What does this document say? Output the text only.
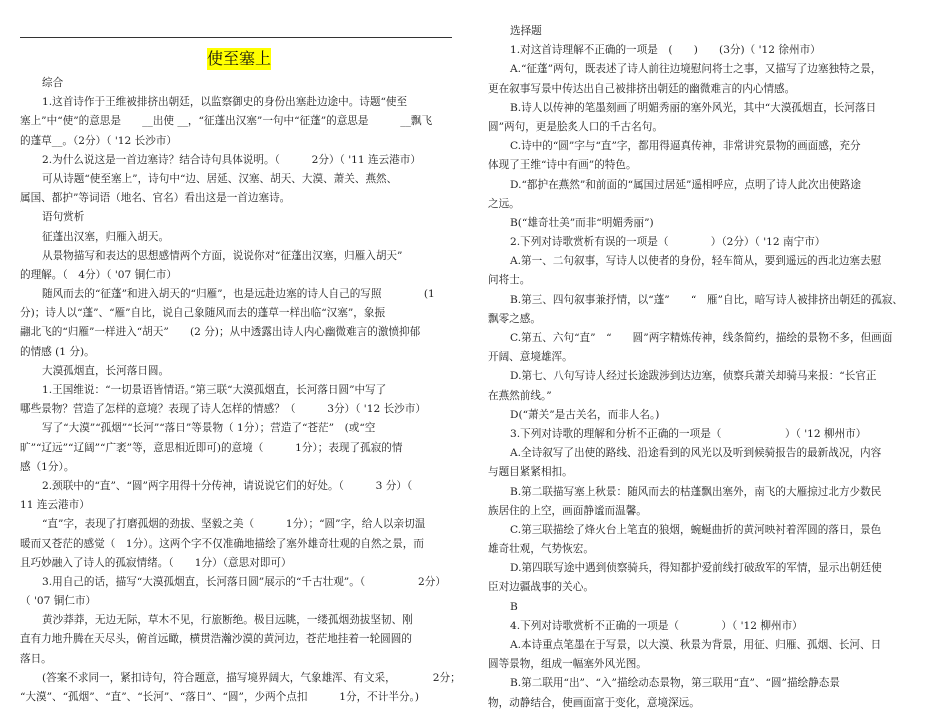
使至塞上
综合
1.这首诗作于王维被排挤出朝廷，以监察御史的身份出塞赴边途中。诗题“使至
塞上”中“使”的意思是　　__出使 __，“征蓬出汉塞”一句中“征蓬”的意思是　　　__飘飞
的蓬草__。（2分）（ '12 长沙市）
2.为什么说这是一首边塞诗？结合诗句具体说明。（　　　2分）（ '11 连云港市）
可从诗题“使至塞上”，诗句中“边、居延、汉塞、胡天、大漠、萧关、燕然、
属国、都护”等词语（地名、官名）看出这是一首边塞诗。
语句赏析
征蓬出汉塞，归雁入胡天。
从景物描写和表达的思想感情两个方面，说说你对“征蓬出汉塞，归雁入胡天”
的理解。（　4分）（ '07 铜仁市）
随风而去的“征蓬”和进入胡天的“归雁”，也是远赴边塞的诗人自己的写照　　　　(1
分)；诗人以“蓬”、“雁”自比，说自己象随风而去的蓬草一样出临“汉塞”，象振
翮北飞的“归雁”一样进入“胡天”　　(2 分)；从中透露出诗人内心幽微难言的激愤抑郁
的情感 (1 分)。
大漠孤烟直，长河落日圆。
1.王国维说：“一切景语皆情语。”第三联“大漠孤烟直，长河落日圆”中写了
哪些景物？营造了怎样的意境？表现了诗人怎样的情感？（　　　3分）（ '12 长沙市）
写了“大漠”“孤烟”“长河”“落日”等景物（ 1分）；营造了“苍茫”　(或“空
旷”“辽远”“辽阔”“广袤”等，意思相近即可)的意境（　　　1分）；表现了孤寂的情
感（1分）。
2.颈联中的“直”、“圆”两字用得十分传神，请说说它们的好处。（　　　3 分）（
11 连云港市）
“直”字，表现了打磨孤烟的劲拔、坚毅之美（　　　1分）；“圆”字，给人以亲切温
暖而又苍茫的感觉（　1分）。这两个字不仅准确地描绘了塞外雄奇壮观的自然之景，而
且巧妙融入了诗人的孤寂情绪。（　　1分）（意思对即可）
3.用自己的话，描写“大漠孤烟直，长河落日圆”展示的“千古壮观”。（　　　　　2分）
（ '07 铜仁市）
黄沙莽莽，无边无际，草木不见，行旅断绝。极目远眺，一缕孤烟劲拔坚韧、刚
直有力地升腾在天尽头，俯首远瞰，横贯浩瀚沙漠的黄河边，苍茫地挂着一轮圆圆的
落日。
(答案不求同一，紧扣诗句，符合题意，描写境界阔大，气象雄浑、有文采，　　　　2分；
“大漠”、“孤烟”、“直”、“长河”、“落日”、“圆”，少两个点扣　　　1分，不计半分。)
选择题
1.对这首诗理解不正确的一项是　(　　)　　(3分)（ '12 徐州市）
A.“征蓬”两句，既表述了诗人前往边境慰问将士之事，又描写了边塞独特之景，
更在叙事写景中传达出自己被排挤出朝廷的幽微难言的内心情感。
B.诗人以传神的笔墨刻画了明媚秀丽的塞外风光，其中“大漠孤烟直，长河落日
圆”两句，更是脍炙人口的千古名句。
C.诗中的“圆”字与“直”字，都用得逼真传神，非常讲究景物的画面感，充分
体现了王维“诗中有画”的特色。
D.“都护在燕然”和前面的“属国过居延”遥相呼应，点明了诗人此次出使路途
之远。
B(“雄奇壮美”而非“明媚秀丽”)
2.下列对诗歌赏析有误的一项是（　　　　）（2分）（ '12 南宁市）
A.第一、二句叙事，写诗人以使者的身份，轻车简从，要到遥远的西北边塞去慰
问将士。
B.第三、四句叙事兼抒情，以“蓬”　　“　雁”自比，暗写诗人被排挤出朝廷的孤寂、
飘零之感。
C.第五、六句“直”　“　　圆”两字精炼传神，线条简约，描绘的景物不多，但画面
开阔、意境雄浑。
D.第七、八句写诗人经过长途跋涉到达边塞，侦察兵萧关却骑马来报：“长官正
在燕然前线。”
D(“萧关”是古关名，而非人名。)
3.下列对诗歌的理解和分析不正确的一项是（　　　　　　）（ '12 柳州市）
A.全诗叙写了出使的路线、沿途看到的风光以及听到候骑报告的最新战况，内容
与题目紧紧相扣。
B.第二联描写塞上秋景：随风而去的枯蓬飘出塞外，南飞的大雁掠过北方少数民
族居住的上空，画面静谧而温馨。
C.第三联描绘了烽火台上笔直的狼烟，蜿蜒曲折的黄河映衬着浑圆的落日，景色
雄奇壮观，气势恢宏。
D.第四联写途中遇到侦察骑兵，得知都护爱前线打破敌军的军情，显示出朝廷使
臣对边疆战事的关心。
B
4.下列对诗歌赏析不正确的一项是（　　　　）（ '12 柳州市）
A.本诗重点笔墨在于写景，以大漠、秋景为背景，用征、归雁、孤烟、长河、日
圆等景物，组成一幅塞外风光图。
B.第二联用“出”、“入”描绘动态景物，第三联用“直”、“圆”描绘静态景
物，动静结合，使画面富于变化，意境深远。
